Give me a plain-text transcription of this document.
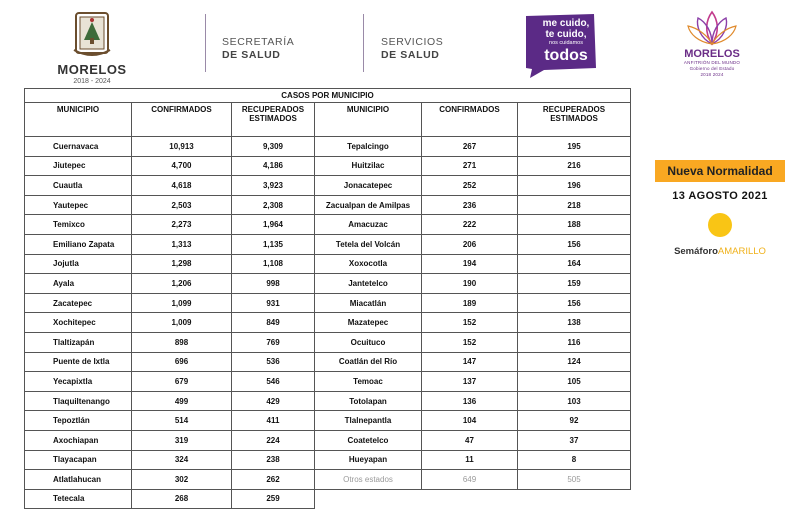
MORELOS
2018 - 2024
SECRETARÍA
DE SALUD
SERVICIOS
DE SALUD
me cuido,
te cuido,
nos cuidamos
todos	MORELOS
ANFITRIÓN DEL MUNDO
Gobierno del Estado
2018 2024
CASOS POR MUNICIPIO					
MUNICIPIO	CONFIRMADOS	RECUPERADOS ESTIMADOS	MUNICIPIO	CONFIRMADOS	RECUPERADOS ESTIMADOS
Cuernavaca	10,913	9,309	Tepalcingo	267	195
Jiutepec	4,700	4,186	Huitzilac	271	216
Cuautla	4,618	3,923	Jonacatepec	252	196
Yautepec	2,503	2,308	Zacualpan de Amilpas	236	218
Temixco	2,273	1,964	Amacuzac	222	188
Emiliano Zapata	1,313	1,135	Tetela del Volcán	206	156
Jojutla	1,298	1,108	Xoxocotla	194	164
Ayala	1,206	998	Jantetelco	190	159
Zacatepec	1,099	931	Miacatlán	189	156
Xochitepec	1,009	849	Mazatepec	152	138
Tlaltizapán	898	769	Ocuituco	152	116
Puente de Ixtla	696	536	Coatlán del Río	147	124
Yecapixtla	679	546	Temoac	137	105
Tlaquiltenango	499	429	Totolapan	136	103
Tepoztlán	514	411	Tlalnepantla	104	92
Axochiapan	319	224	Coatetelco	47	37
Tlayacapan	324	238	Hueyapan	11	8
Atlatlahucan	302	262	Otros estados	649	505
Tetecala	268	259			
Nueva Normalidad
13 AGOSTO 2021
SemáforoAMARILLO
